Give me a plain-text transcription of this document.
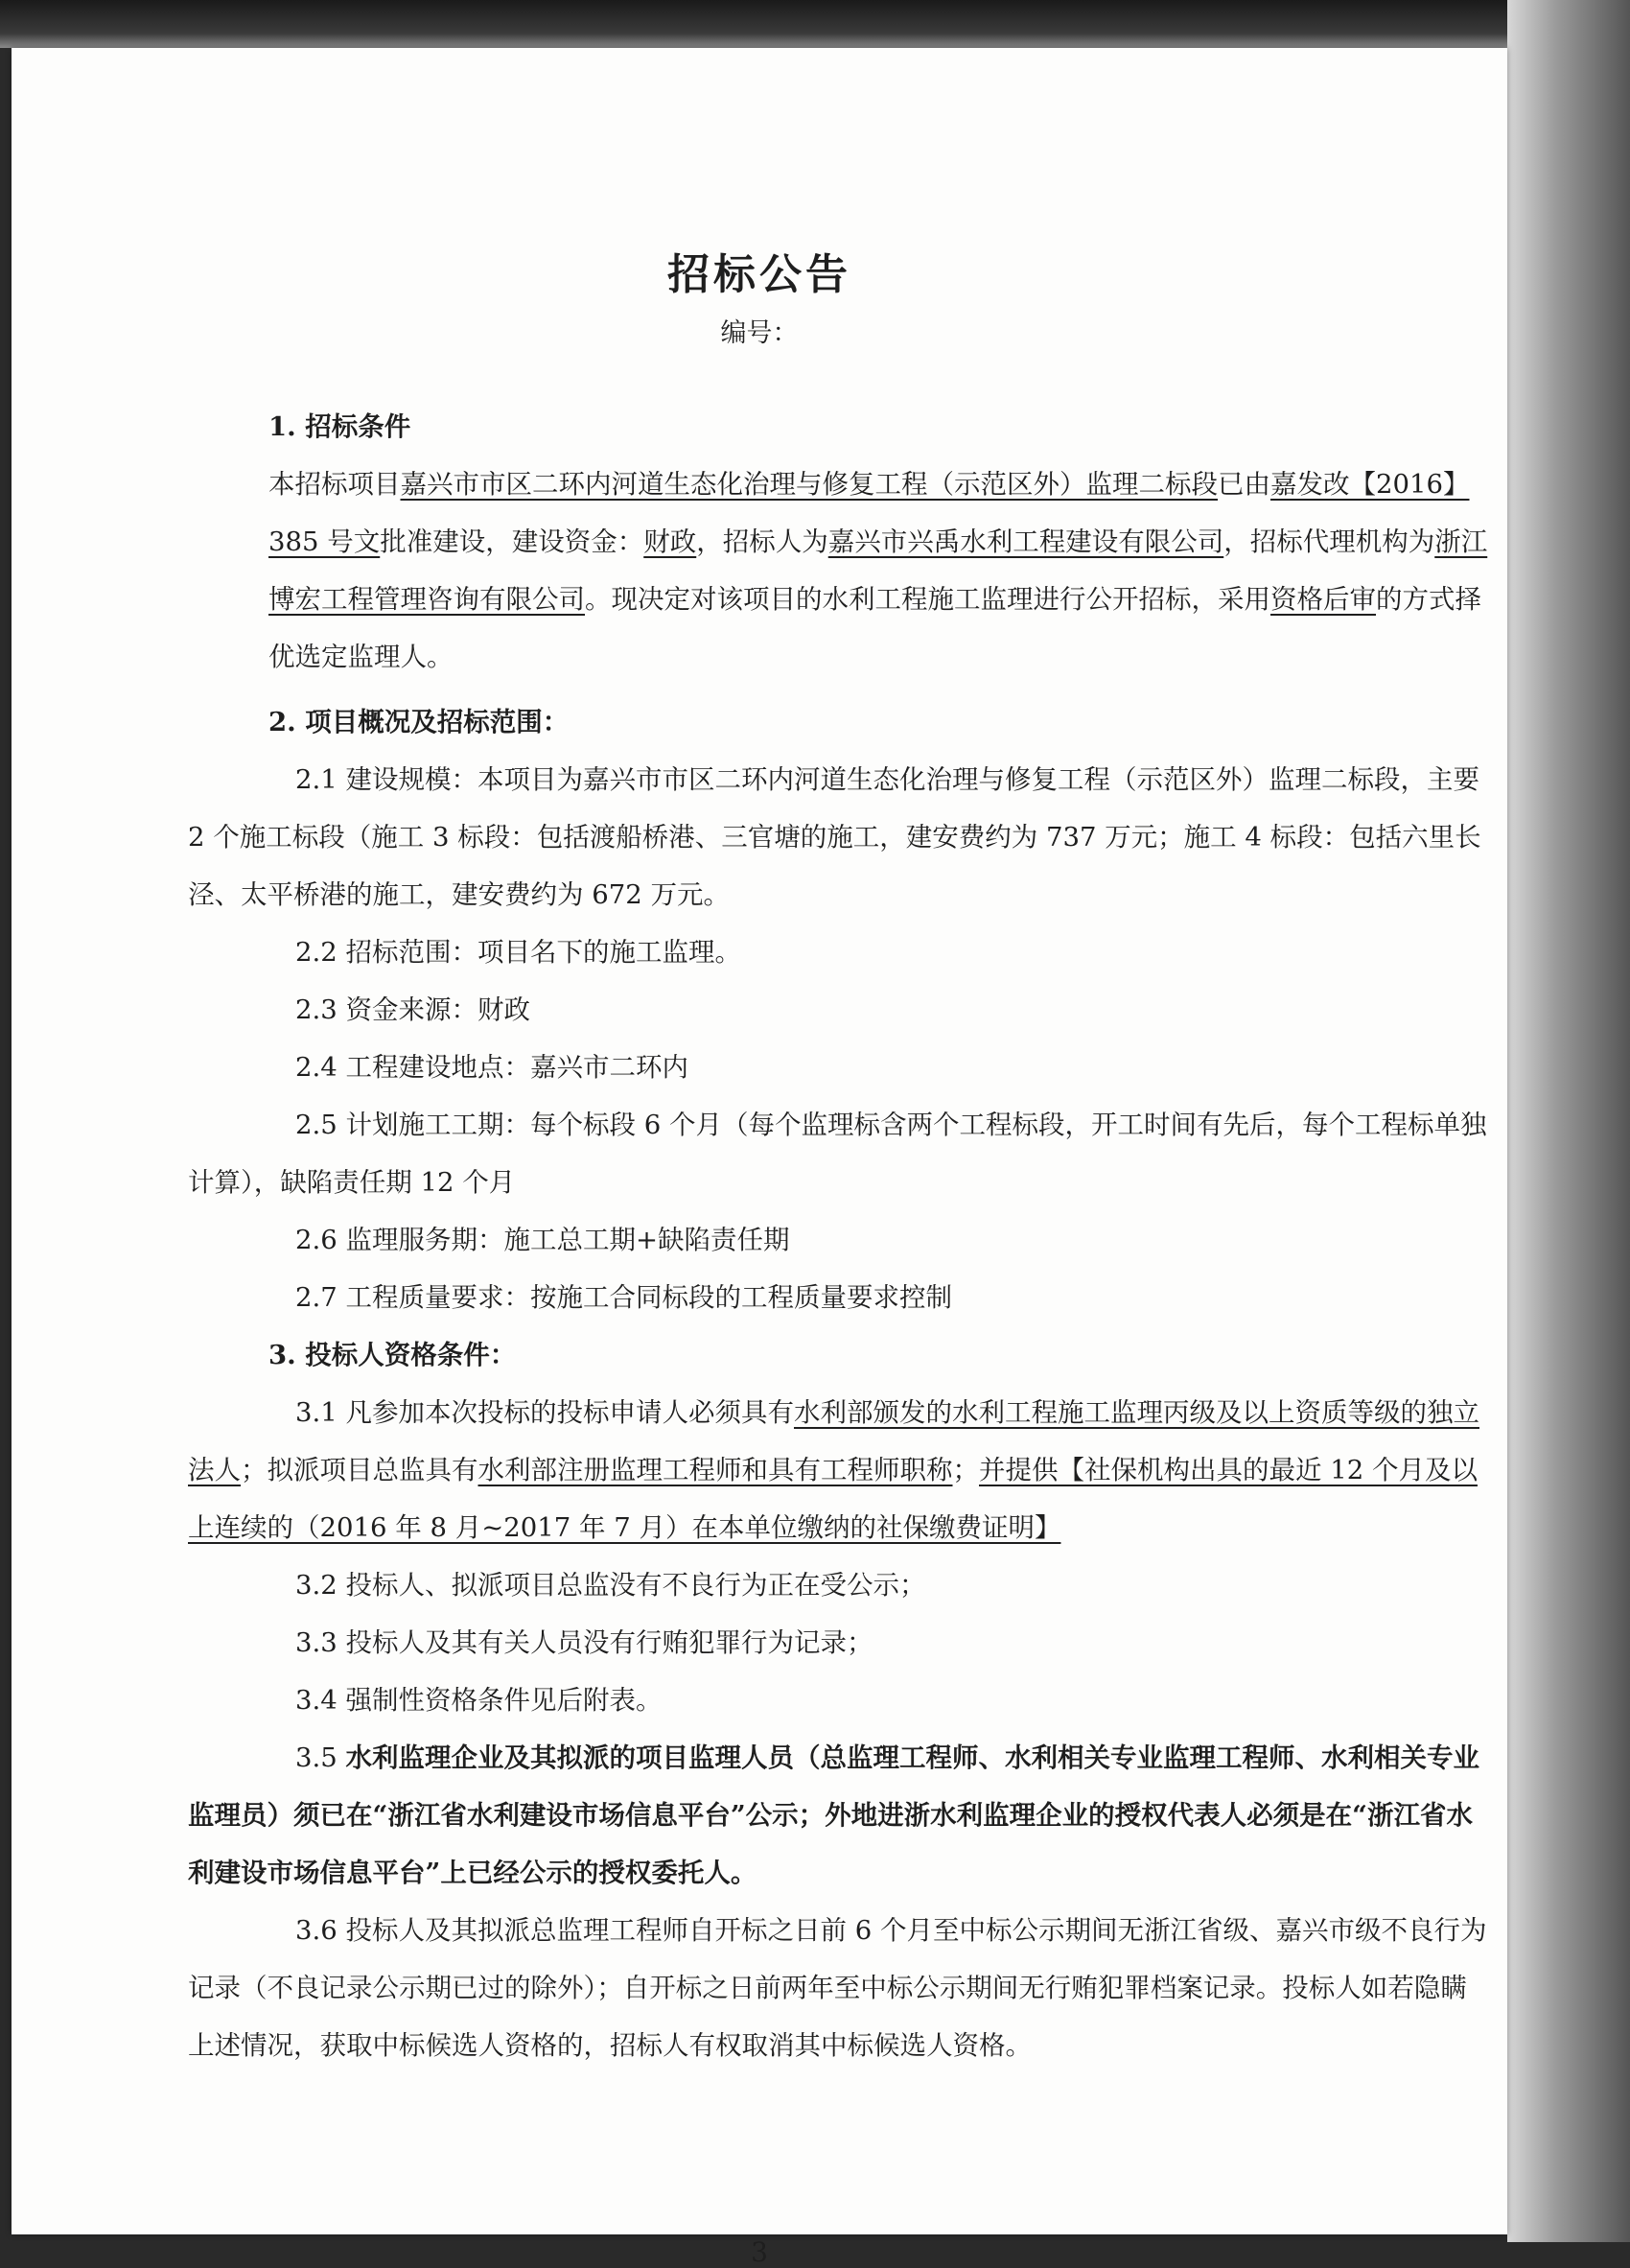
招标公告
编号：

1. 招标条件

本招标项目嘉兴市市区二环内河道生态化治理与修复工程（示范区外）监理二标段已由嘉发改【2016】385 号文批准建设，建设资金：财政，招标人为嘉兴市兴禹水利工程建设有限公司，招标代理机构为浙江博宏工程管理咨询有限公司。现决定对该项目的水利工程施工监理进行公开招标，采用资格后审的方式择优选定监理人。

2. 项目概况及招标范围：

2.1 建设规模：本项目为嘉兴市市区二环内河道生态化治理与修复工程（示范区外）监理二标段，主要 2 个施工标段（施工 3 标段：包括渡船桥港、三官塘的施工，建安费约为 737 万元；施工 4 标段：包括六里长泾、太平桥港的施工，建安费约为 672 万元。

2.2 招标范围：项目名下的施工监理。

2.3 资金来源：财政

2.4 工程建设地点：嘉兴市二环内

2.5 计划施工工期：每个标段 6 个月（每个监理标含两个工程标段，开工时间有先后，每个工程标单独计算），缺陷责任期 12 个月

2.6 监理服务期：施工总工期+缺陷责任期

2.7 工程质量要求：按施工合同标段的工程质量要求控制

3. 投标人资格条件：

3.1 凡参加本次投标的投标申请人必须具有水利部颁发的水利工程施工监理丙级及以上资质等级的独立法人；拟派项目总监具有水利部注册监理工程师和具有工程师职称；并提供【社保机构出具的最近 12 个月及以上连续的（2016 年 8 月~2017 年 7 月）在本单位缴纳的社保缴费证明】

3.2 投标人、拟派项目总监没有不良行为正在受公示；

3.3 投标人及其有关人员没有行贿犯罪行为记录；

3.4 强制性资格条件见后附表。

3.5 水利监理企业及其拟派的项目监理人员（总监理工程师、水利相关专业监理工程师、水利相关专业监理员）须已在“浙江省水利建设市场信息平台”公示；外地进浙水利监理企业的授权代表人必须是在“浙江省水利建设市场信息平台”上已经公示的授权委托人。

3.6 投标人及其拟派总监理工程师自开标之日前 6 个月至中标公示期间无浙江省级、嘉兴市级不良行为记录（不良记录公示期已过的除外）；自开标之日前两年至中标公示期间无行贿犯罪档案记录。投标人如若隐瞒上述情况，获取中标候选人资格的，招标人有权取消其中标候选人资格。

3
